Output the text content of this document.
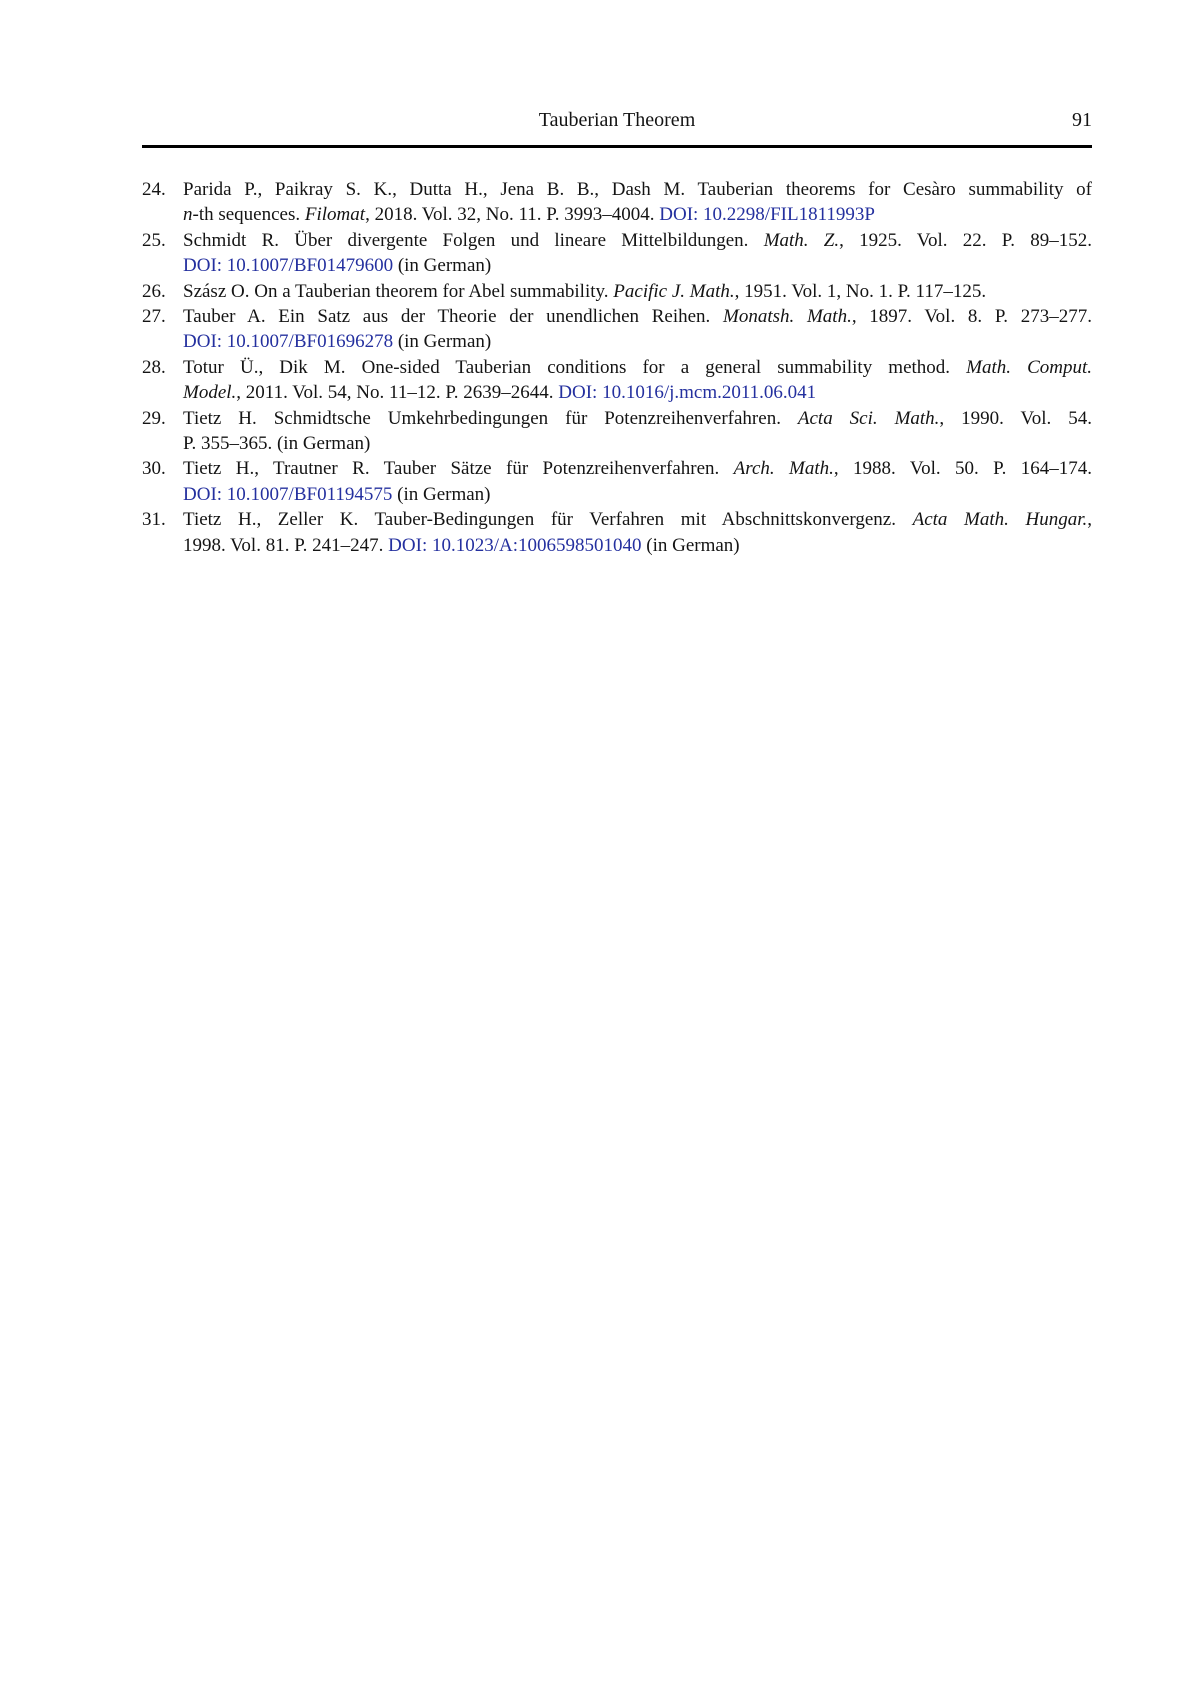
Tauberian Theorem	91
24. Parida P., Paikray S. K., Dutta H., Jena B. B., Dash M. Tauberian theorems for Cesàro summability of
n-th sequences. Filomat, 2018. Vol. 32, No. 11. P. 3993–4004. DOI: 10.2298/FIL1811993P
25. Schmidt R. Über divergente Folgen und lineare Mittelbildungen. Math. Z., 1925. Vol. 22. P. 89–152.
DOI: 10.1007/BF01479600 (in German)
26. Szász O. On a Tauberian theorem for Abel summability. Pacific J. Math., 1951. Vol. 1, No. 1. P. 117–125.
27. Tauber A. Ein Satz aus der Theorie der unendlichen Reihen. Monatsh. Math., 1897. Vol. 8. P. 273–277.
DOI: 10.1007/BF01696278 (in German)
28. Totur Ü., Dik M. One-sided Tauberian conditions for a general summability method. Math. Comput.
Model., 2011. Vol. 54, No. 11–12. P. 2639–2644. DOI: 10.1016/j.mcm.2011.06.041
29. Tietz H. Schmidtsche Umkehrbedingungen für Potenzreihenverfahren. Acta Sci. Math., 1990. Vol. 54.
P. 355–365. (in German)
30. Tietz H., Trautner R. Tauber Sätze für Potenzreihenverfahren. Arch. Math., 1988. Vol. 50. P. 164–174.
DOI: 10.1007/BF01194575 (in German)
31. Tietz H., Zeller K. Tauber-Bedingungen für Verfahren mit Abschnittskonvergenz. Acta Math. Hungar.,
1998. Vol. 81. P. 241–247. DOI: 10.1023/A:1006598501040 (in German)
